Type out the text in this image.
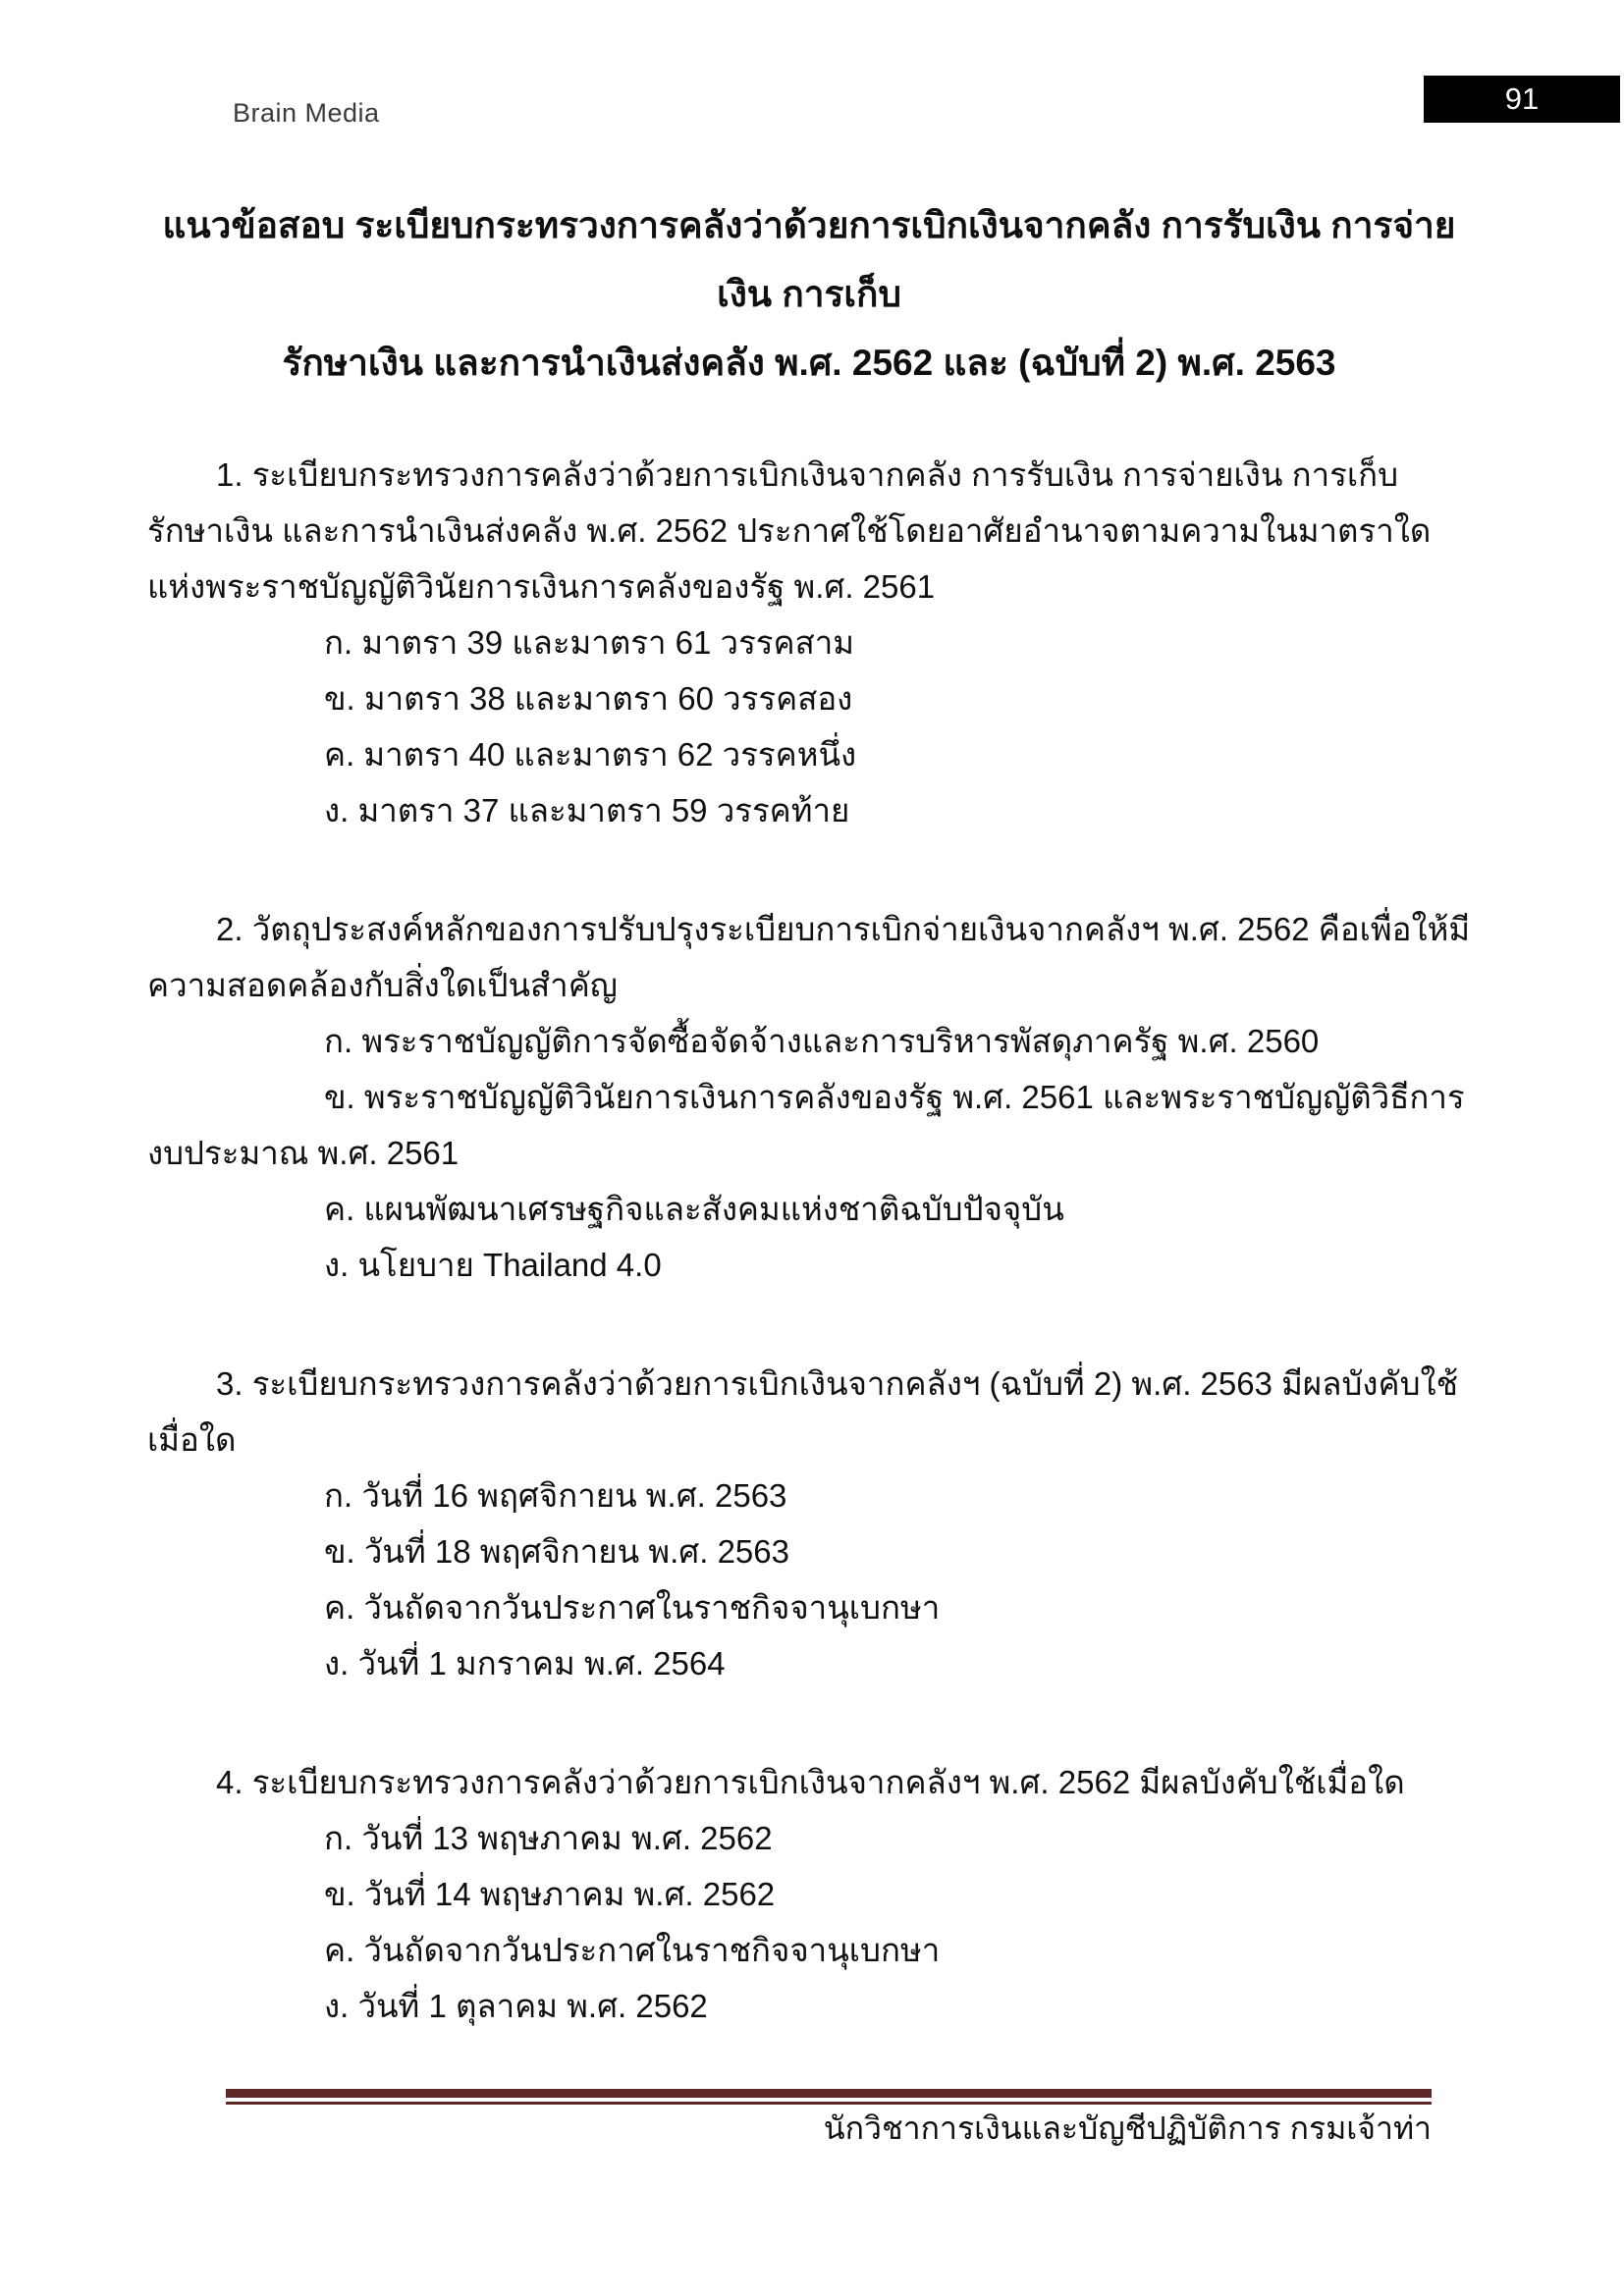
Brain Media	91
แนวข้อสอบ ระเบียบกระทรวงการคลังว่าด้วยการเบิกเงินจากคลัง การรับเงิน การจ่ายเงิน การเก็บ
รักษาเงิน และการนำเงินส่งคลัง พ.ศ. 2562 และ (ฉบับที่ 2) พ.ศ. 2563

1. ระเบียบกระทรวงการคลังว่าด้วยการเบิกเงินจากคลัง การรับเงิน การจ่ายเงิน การเก็บรักษาเงิน และการนำเงินส่งคลัง พ.ศ. 2562 ประกาศใช้โดยอาศัยอำนาจตามความในมาตราใดแห่งพระราชบัญญัติวินัยการเงินการคลังของรัฐ พ.ศ. 2561

ก. มาตรา 39 และมาตรา 61 วรรคสาม
ข. มาตรา 38 และมาตรา 60 วรรคสอง
ค. มาตรา 40 และมาตรา 62 วรรคหนึ่ง
ง. มาตรา 37 และมาตรา 59 วรรคท้าย

2. วัตถุประสงค์หลักของการปรับปรุงระเบียบการเบิกจ่ายเงินจากคลังฯ พ.ศ. 2562 คือเพื่อให้มีความสอดคล้องกับสิ่งใดเป็นสำคัญ

ก. พระราชบัญญัติการจัดซื้อจัดจ้างและการบริหารพัสดุภาครัฐ พ.ศ. 2560
ข. พระราชบัญญัติวินัยการเงินการคลังของรัฐ พ.ศ. 2561 และพระราชบัญญัติวิธีการงบประมาณ พ.ศ. 2561
ค. แผนพัฒนาเศรษฐกิจและสังคมแห่งชาติฉบับปัจจุบัน
ง. นโยบาย Thailand 4.0

3. ระเบียบกระทรวงการคลังว่าด้วยการเบิกเงินจากคลังฯ (ฉบับที่ 2) พ.ศ. 2563 มีผลบังคับใช้เมื่อใด

ก. วันที่ 16 พฤศจิกายน พ.ศ. 2563
ข. วันที่ 18 พฤศจิกายน พ.ศ. 2563
ค. วันถัดจากวันประกาศในราชกิจจานุเบกษา
ง. วันที่ 1 มกราคม พ.ศ. 2564

4. ระเบียบกระทรวงการคลังว่าด้วยการเบิกเงินจากคลังฯ พ.ศ. 2562 มีผลบังคับใช้เมื่อใด

ก. วันที่ 13 พฤษภาคม พ.ศ. 2562
ข. วันที่ 14 พฤษภาคม พ.ศ. 2562
ค. วันถัดจากวันประกาศในราชกิจจานุเบกษา
ง. วันที่ 1 ตุลาคม พ.ศ. 2562
นักวิชาการเงินและบัญชีปฏิบัติการ กรมเจ้าท่า
